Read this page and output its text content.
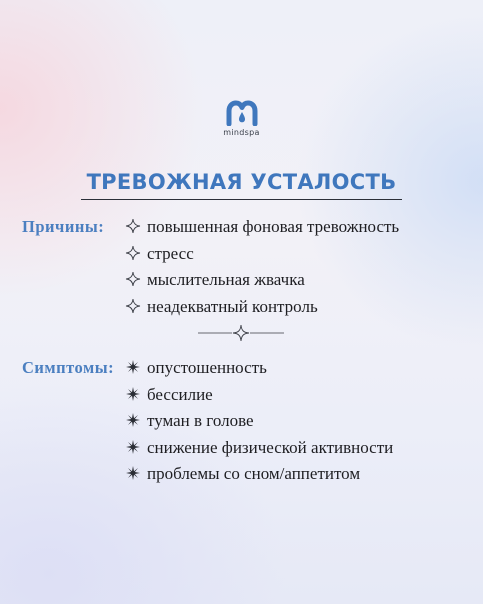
mindspa
ТРЕВОЖНАЯ УСТАЛОСТЬ
Причины:	повышенная фоновая тревожность
стресс
мыслительная жвачка
неадекватный контроль
Симптомы: опустошенность
бессилие
туман в голове
снижение физической активности
проблемы со сном/аппетитом
